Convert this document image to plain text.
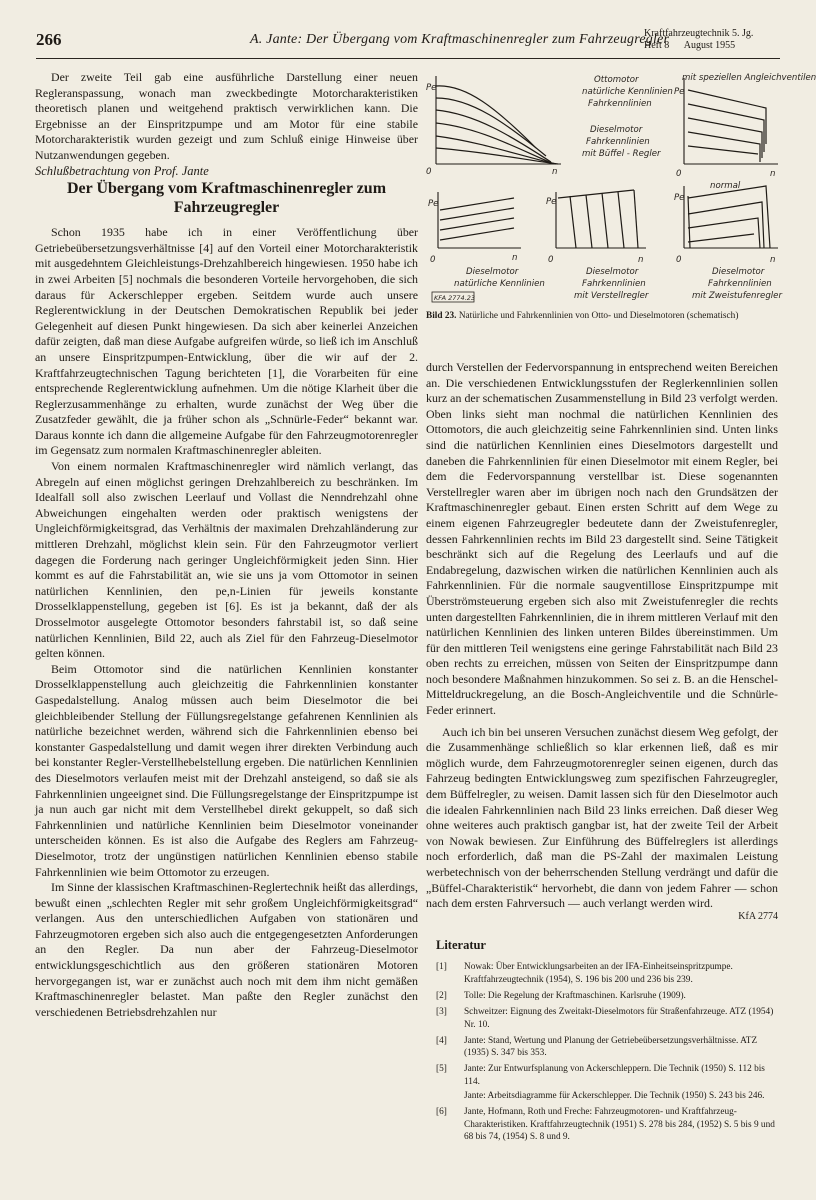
266	A. Jante: Der Übergang vom Kraftmaschinenregler zum Fahrzeugregler
Kraftfahrzeugtechnik 5. Jg.
Heft 8      August 1955

Der zweite Teil gab eine ausführliche Darstellung einer neuen Regleranspassung, wonach man zweckbedingte Motorcharakteristiken theoretisch planen und weitgehend praktisch verwirklichen kann. Die Ergebnisse an der Einspritzpumpe und am Motor für eine stabile Motorcharakteristik wurden gezeigt und zum Schluß einige Hinweise über Nutzanwendungen gegeben.

Schlußbetrachtung von Prof. Jante

Der Übergang vom Kraftmaschinenregler zum Fahrzeugregler

Schon 1935 habe ich in einer Veröffentlichung über Getriebeübersetzungsverhältnisse [4] auf den Vorteil einer Motorcharakteristik mit ausgedehntem Gleichleistungs-Drehzahlbereich hingewiesen. 1950 habe ich in zwei Arbeiten [5] nochmals die besonderen Vorteile hervorgehoben, die sich daraus für Ackerschlepper ergeben. Seitdem wurde auch unsere Reglerentwicklung in der Deutschen Demokratischen Republik bei jeder Gelegenheit auf diesen Punkt hingewiesen. Da sich aber keinerlei Anzeichen dafür zeigten, daß man diese Aufgabe aufgreifen würde, so ließ ich im Anschluß an unsere Einspritzpumpen-Entwicklung, über die wir auf der 2. Kraftfahrzeugtechnischen Tagung berichteten [1], die Vorarbeiten für eine entsprechende Reglerentwicklung aufnehmen. Um die nötige Klarheit über die Reglerzusammenhänge zu erhalten, wurde zunächst der Weg über die Zusatzfeder gewählt, die ja früher schon als „Schnürle-Feder“ bekannt war. Daraus konnte ich dann die allgemeine Aufgabe für den Fahrzeugmotorenregler im Gegensatz zum normalen Kraftmaschinenregler ableiten.

Von einem normalen Kraftmaschinenregler wird nämlich verlangt, das Abregeln auf einen möglichst geringen Drehzahlbereich zu beschränken. Im Idealfall soll also zwischen Leerlauf und Vollast die Nenndrehzahl ohne Abweichungen eingehalten werden oder praktisch wenigstens der Ungleichförmigkeitsgrad, das Verhältnis der maximalen Drehzahländerung zur mittleren Drehzahl, möglichst klein sein. Für den Fahrzeugmotor verliert dagegen die Forderung nach geringer Ungleichförmigkeit jeden Sinn. Hier kommt es auf die Fahrstabilität an, wie sie uns ja vom Ottomotor in seinen natürlichen Kennlinien, den pe,n-Linien für jeweils konstante Drosselklappenstellung, gegeben ist [6]. Es ist ja bekannt, daß der als Drosselmotor ausgelegte Ottomotor besonders fahrstabil ist, so daß seine natürlichen Kennlinien, Bild 22, auch als Ziel für den Fahrzeug-Dieselmotor gelten können.

Beim Ottomotor sind die natürlichen Kennlinien konstanter Drosselklappenstellung auch gleichzeitig die Fahrkennlinien konstanter Gaspedalstellung. Analog müssen auch beim Dieselmotor die bei gleichbleibender Stellung der Füllungsregelstange gefahrenen Kennlinien als natürliche bezeichnet werden, während sich die Fahrkennlinien ebenso bei konstanter Gaspedalstellung und damit wegen ihrer direkten Verbindung auch bei konstanter Regler-Verstellhebelstellung ergeben. Die natürlichen Kennlinien des Dieselmotors verlaufen meist mit der Drehzahl ansteigend, so daß sie als Fahrkennlinien ungeeignet sind. Die Füllungsregelstange der Einspritzpumpe ist ja nun auch gar nicht mit dem Verstellhebel direkt gekuppelt, so daß sich Fahrkennlinien und natürliche Kennlinien beim Dieselmotor voneinander unterscheiden können. Es ist also die Aufgabe des Reglers am Fahrzeug-Dieselmotor, trotz der ungünstigen natürlichen Kennlinien ebenso stabile Fahrkennlinien wie beim Ottomotor zu erzeugen.

Im Sinne der klassischen Kraftmaschinen-Reglertechnik heißt das allerdings, bewußt einen „schlechten Regler mit sehr großem Ungleichförmigkeitsgrad“ verlangen. Aus den unterschiedlichen Aufgaben von stationären und Fahrzeugmotoren ergeben sich also auch die entgegengesetzten Anforderungen an den Regler. Da nun aber der Fahrzeug-Dieselmotor entwicklungsgeschichtlich aus den größeren stationären Motoren hervorgegangen ist, war er zunächst auch noch mit dem ihm nicht gemäßen Kraftmaschinenregler belastet. Man paßte den Regler zunächst den verschiedenen Betriebsdrehzahlen nur

Pe
0	n
Ottomotor
natürliche Kennlinien
Fahrkennlinien
Dieselmotor
Fahrkennlinien
mit Büffel - Regler
Pe
0	n
mit speziellen Angleichventilen
Pe
0	n
Dieselmotor
natürliche Kennlinien
KFA 2774.23
Pe
0	n
Dieselmotor
Fahrkennlinien
mit Verstellregler
Pe
0	n
normal
Dieselmotor
Fahrkennlinien
mit Zweistufenregler
Bild 23. Natürliche und Fahrkennlinien von Otto- und Dieselmotoren (schematisch)

durch Verstellen der Federvorspannung in entsprechend weiten Bereichen an. Die verschiedenen Entwicklungsstufen der Reglerkennlinien sollen kurz an der schematischen Zusammenstellung in Bild 23 verfolgt werden. Oben links sieht man nochmal die natürlichen Kennlinien des Ottomotors, die auch gleichzeitig seine Fahrkennlinien sind. Unten links sind die natürlichen Kennlinien eines Dieselmotors dargestellt und daneben die Fahrkennlinien für einen Dieselmotor mit einem Regler, bei dem die Federvorspannung verstellbar ist. Diese sogenannten Verstellregler waren aber im übrigen noch nach den Grundsätzen der Kraftmaschinenregler gebaut. Einen ersten Schritt auf dem Wege zu einem eigenen Fahrzeugregler bedeutete dann der Zweistufenregler, dessen Fahrkennlinien rechts im Bild 23 dargestellt sind. Seine Tätigkeit beschränkt sich auf die Regelung des Leerlaufs und auf die Endabregelung, dazwischen wirken die natürlichen Kennlinien auch als Fahrkennlinien. Für die normale saugventillose Einspritzpumpe mit Überströmsteuerung ergeben sich also mit Zweistufenregler die rechts unten dargestellten Fahrkennlinien, die in ihrem mittleren Verlauf mit den natürlichen Kennlinien des linken unteren Bildes übereinstimmen. Um für den mittleren Teil wenigstens eine geringe Fahrstabilität nach Bild 23 oben rechts zu erreichen, müssen von Seiten der Einspritzpumpe dann noch besondere Maßnahmen hinzukommen. So sei z. B. an die Henschel-Mitteldruckregelung, an die Bosch-Angleichventile und die Schnürle-Feder erinnert.

Auch ich bin bei unseren Versuchen zunächst diesem Weg gefolgt, der die Zusammenhänge schließlich so klar erkennen ließ, daß es mir möglich wurde, dem Fahrzeugmotorenregler seinen eigenen, durch das Fahrzeug bedingten Entwicklungsweg zum spezifischen Fahrzeugregler, dem Büffelregler, zu weisen. Damit lassen sich für den Dieselmotor auch die idealen Fahrkennlinien nach Bild 23 links erreichen. Daß dieser Weg ohne weiteres auch praktisch gangbar ist, hat der zweite Teil der Arbeit von Nowak bewiesen. Zur Einführung des Büffelreglers ist allerdings noch erforderlich, daß man die PS-Zahl der maximalen Leistung werbetechnisch von der beherrschenden Stellung verdrängt und dafür die „Büffel-Charakteristik“ hervorhebt, die dann von jedem Fahrer — schon nach dem ersten Fahrversuch — auch verlangt werden wird.

KfA 2774
Literatur
[1] Nowak: Über Entwicklungsarbeiten an der IFA-Einheitseinspritzpumpe. Kraftfahrzeugtechnik (1954), S. 196 bis 200 und 236 bis 239.
[2] Tolle: Die Regelung der Kraftmaschinen. Karlsruhe (1909).
[3] Schweitzer: Eignung des Zweitakt-Dieselmotors für Straßenfahrzeuge. ATZ (1954) Nr. 10.
[4] Jante: Stand, Wertung und Planung der Getriebeübersetzungsverhältnisse. ATZ (1935) S. 347 bis 353.
[5] Jante: Zur Entwurfsplanung von Ackerschleppern. Die Technik (1950) S. 112 bis 114.
Jante: Arbeitsdiagramme für Ackerschlepper. Die Technik (1950) S. 243 bis 246.
[6] Jante, Hofmann, Roth und Freche: Fahrzeugmotoren- und Kraftfahrzeug-Charakteristiken. Kraftfahrzeugtechnik (1951) S. 278 bis 284, (1952) S. 5 bis 9 und 68 bis 74, (1954) S. 8 und 9.
